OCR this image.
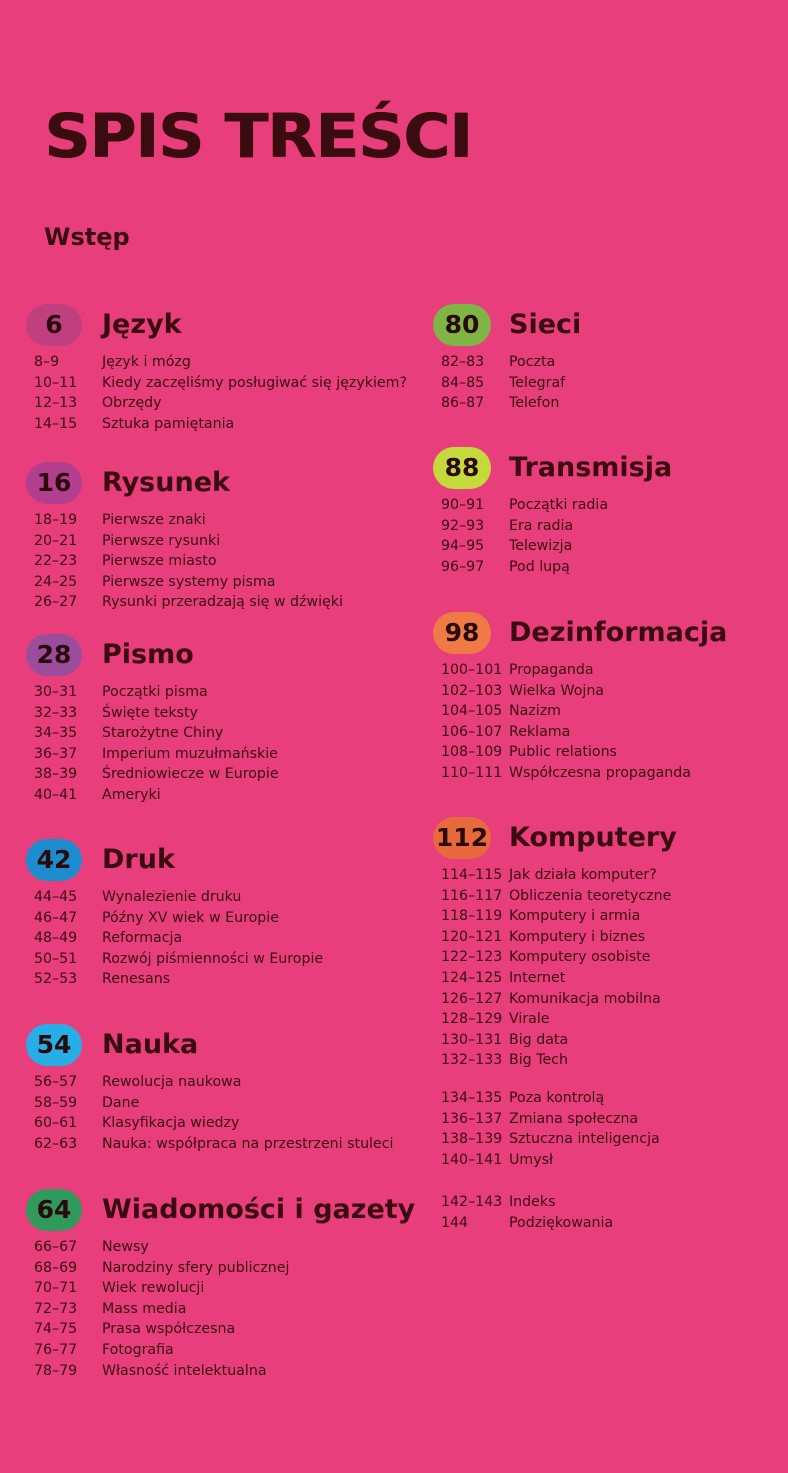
SPIS TREŚCI
Wstęp
6	Język
8–9	Język i mózg
10–11 Kiedy zaczęliśmy posługiwać się językiem?
12–13 Obrzędy
14–15 Sztuka pamiętania
16	Rysunek
18–19 Pierwsze znaki
20–21 Pierwsze rysunki
22–23 Pierwsze miasto
24–25 Pierwsze systemy pisma
26–27 Rysunki przeradzają się w dźwięki
28	Pismo
30–31 Początki pisma
32–33 Święte teksty
34–35 Starożytne Chiny
36–37 Imperium muzułmańskie
38–39 Średniowiecze w Europie
40–41 Ameryki
42	Druk
44–45 Wynalezienie druku
46–47 Późny XV wiek w Europie
48–49 Reformacja
50–51 Rozwój piśmienności w Europie
52–53 Renesans
54	Nauka
56–57 Rewolucja naukowa
58–59 Dane
60–61 Klasyfikacja wiedzy
62–63 Nauka: współpraca na przestrzeni stuleci
64	Wiadomości i gazety
66–67 Newsy
68–69 Narodziny sfery publicznej
70–71 Wiek rewolucji
72–73 Mass media
74–75 Prasa współczesna
76–77 Fotografia
78–79 Własność intelektualna
80	Sieci
82–83 Poczta
84–85 Telegraf
86–87 Telefon
88	Transmisja
90–91 Początki radia
92–93 Era radia
94–95 Telewizja
96–97 Pod lupą
98	Dezinformacja
100–101 Propaganda
102–103 Wielka Wojna
104–105 Nazizm
106–107 Reklama
108–109 Public relations
110–111 Współczesna propaganda
112 Komputery
114–115 Jak działa komputer?
116–117 Obliczenia teoretyczne
118–119 Komputery i armia
120–121 Komputery i biznes
122–123 Komputery osobiste
124–125 Internet
126–127 Komunikacja mobilna
128–129 Virale
130–131 Big data
132–133 Big Tech
134–135 Poza kontrolą
136–137 Zmiana społeczna
138–139 Sztuczna inteligencja
140–141 Umysł
142–143 Indeks
144	Podziękowania
